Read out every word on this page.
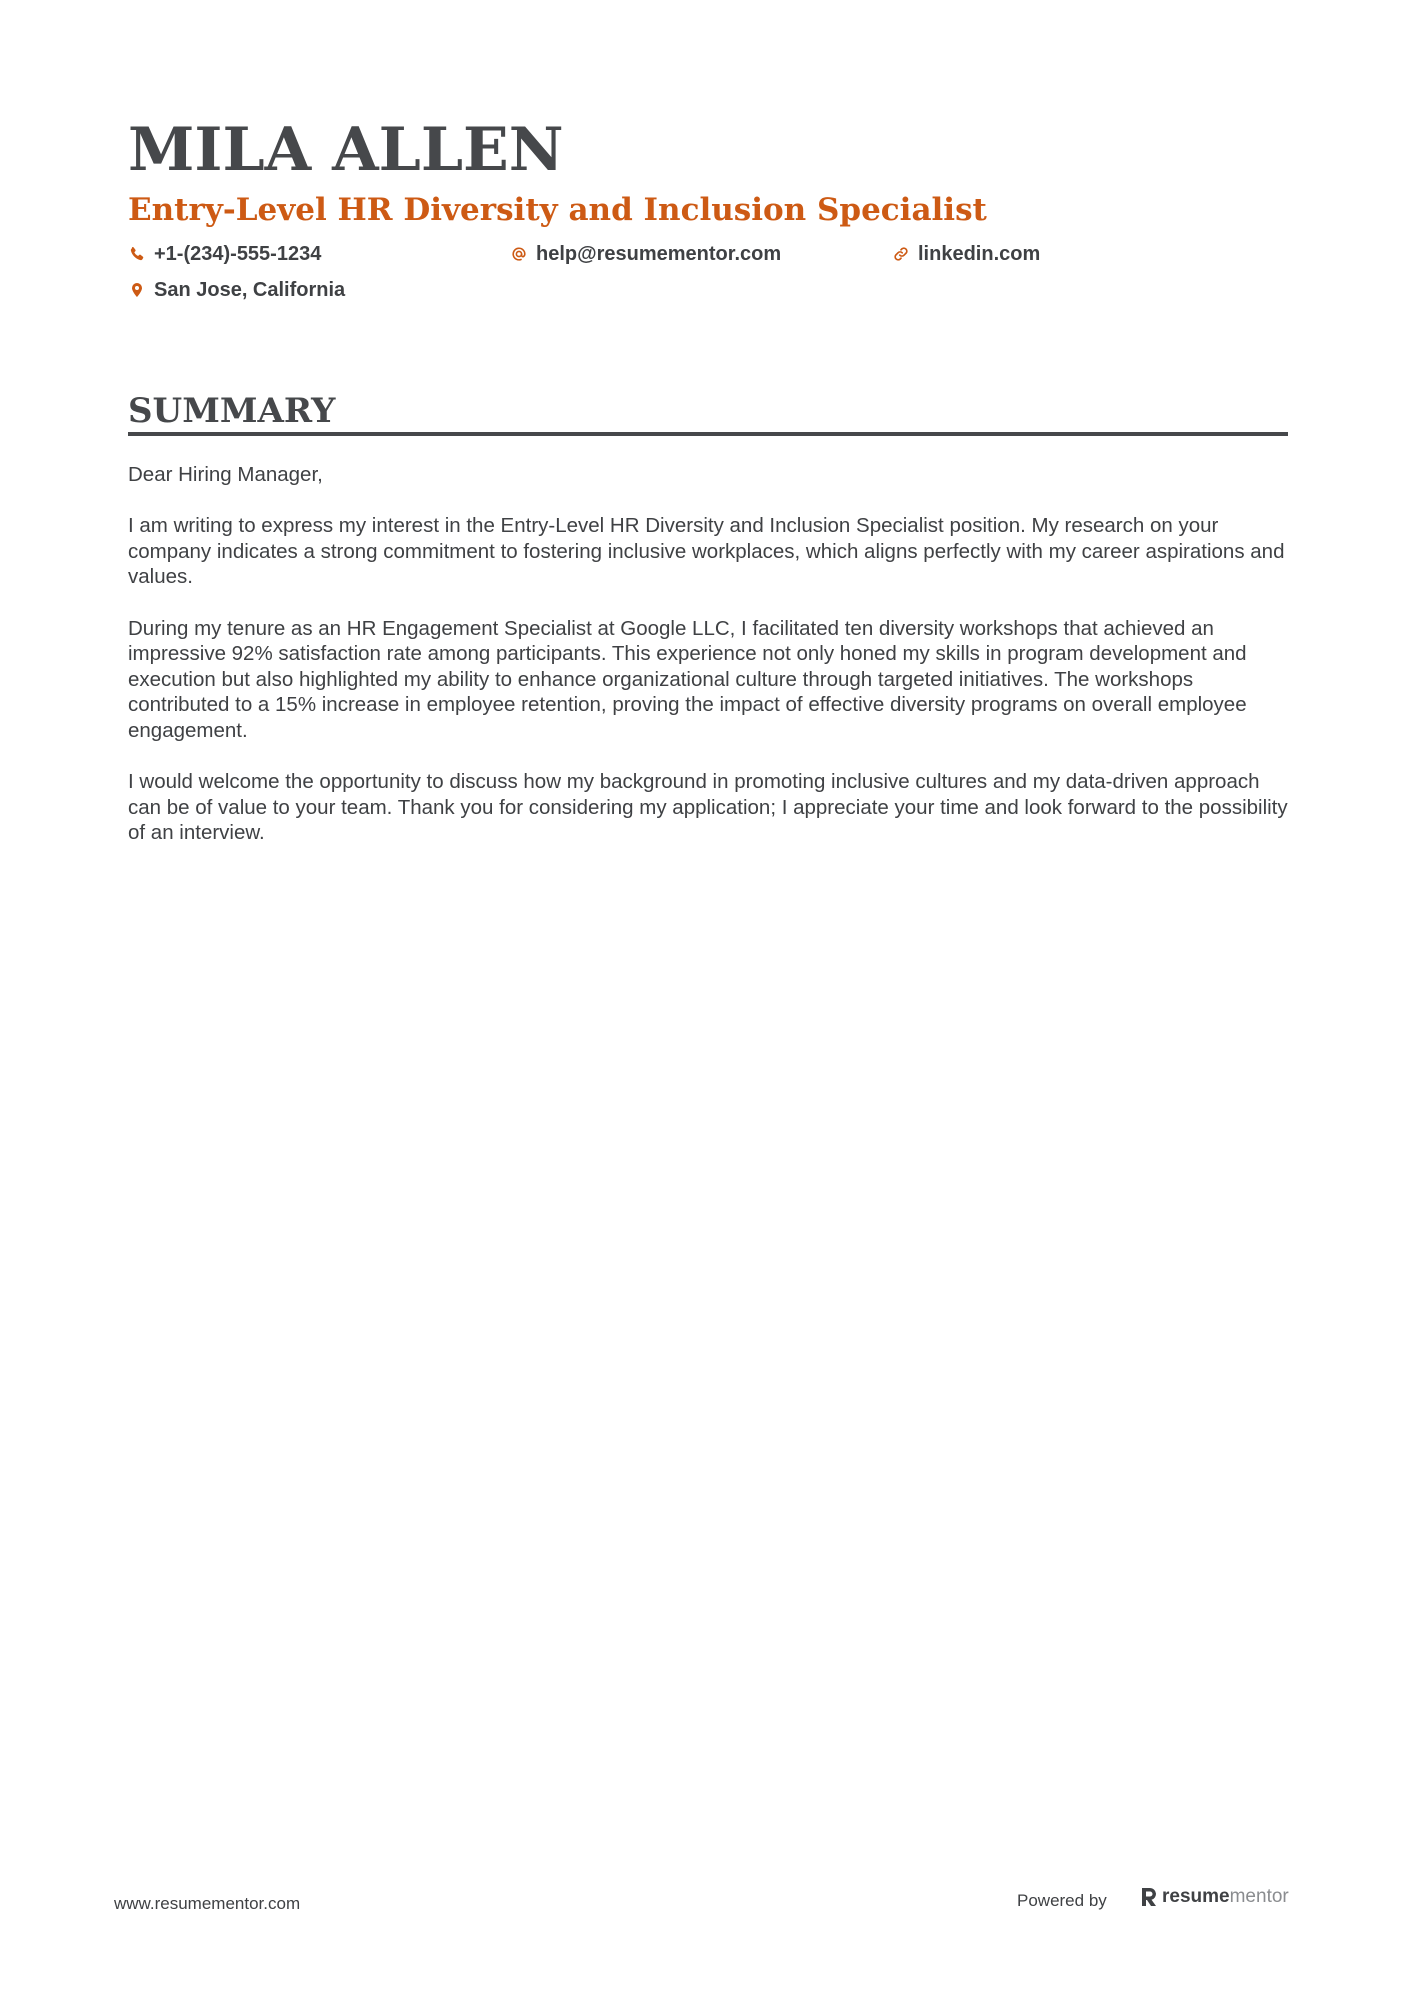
MILA ALLEN
Entry-Level HR Diversity and Inclusion Specialist
+1-(234)-555-1234	help@resumementor.com	linkedin.com
San Jose, California
SUMMARY

Dear Hiring Manager,

I am writing to express my interest in the Entry-Level HR Diversity and Inclusion Specialist position. My research on your company indicates a strong commitment to fostering inclusive workplaces, which aligns perfectly with my career aspirations and values.

During my tenure as an HR Engagement Specialist at Google LLC, I facilitated ten diversity workshops that achieved an impressive 92% satisfaction rate among participants. This experience not only honed my skills in program development and execution but also highlighted my ability to enhance organizational culture through targeted initiatives. The workshops contributed to a 15% increase in employee retention, proving the impact of effective diversity programs on overall employee engagement.

I would welcome the opportunity to discuss how my background in promoting inclusive cultures and my data-driven approach can be of value to your team. Thank you for considering my application; I appreciate your time and look forward to the possibility of an interview.

www.resumementor.com	Powered by	resume mentor
